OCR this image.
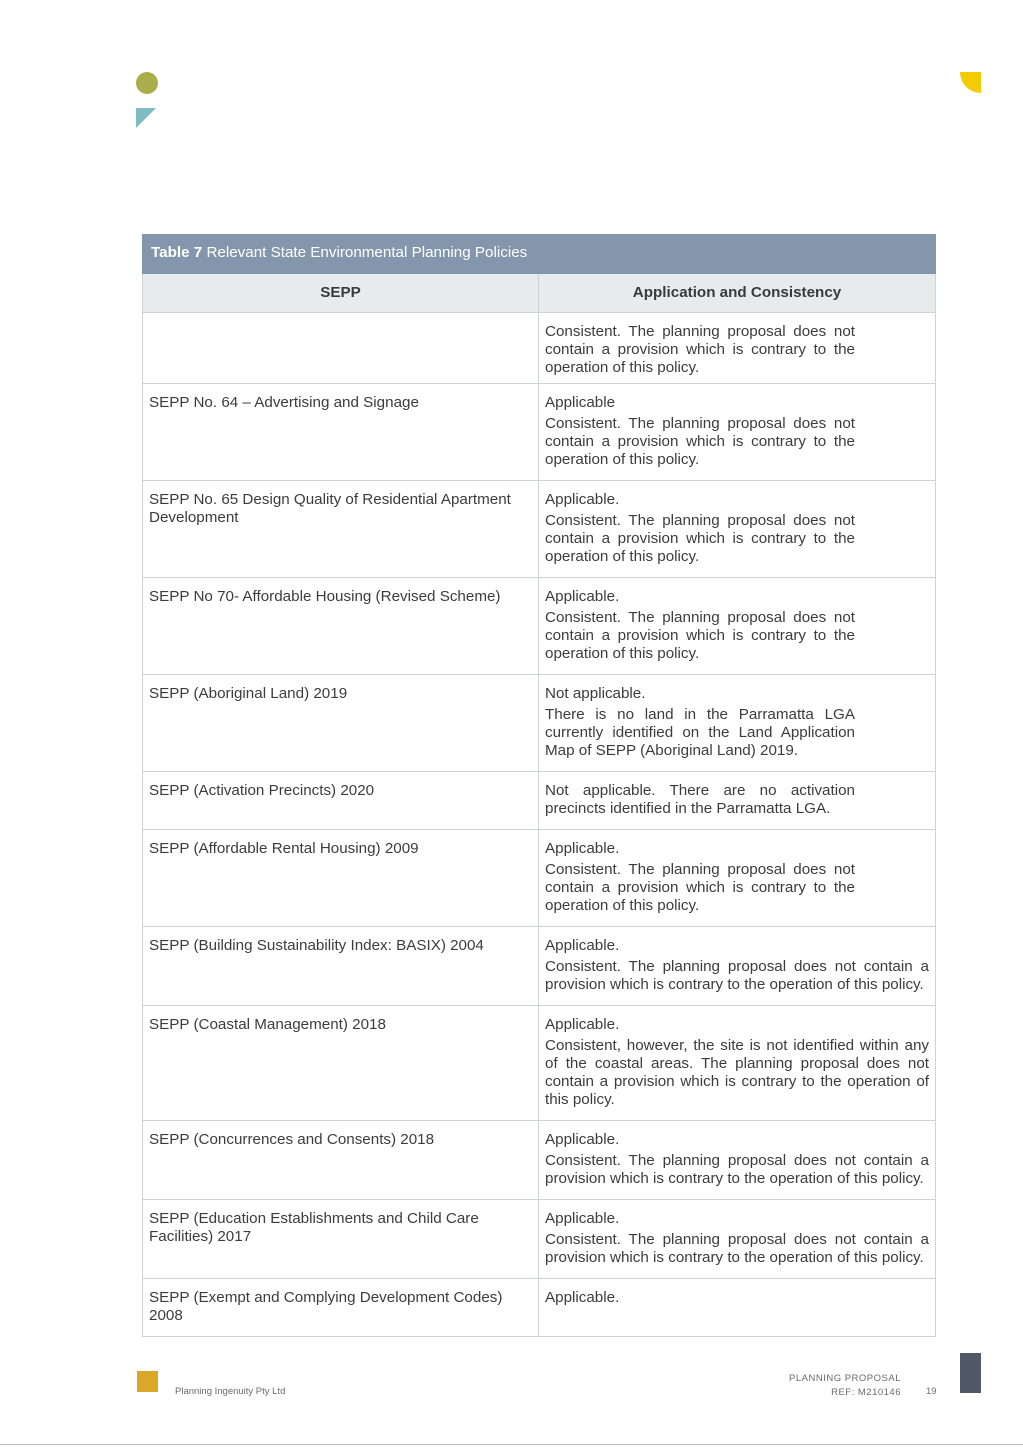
Table 7 Relevant State Environmental Planning Policies	
SEPP	Application and Consistency

	Consistent. The planning proposal does not contain a provision which is contrary to the operation of this policy.

SEPP No. 64 – Advertising and Signage	Applicable
Consistent. The planning proposal does not contain a provision which is contrary to the operation of this policy.

SEPP No. 65 Design Quality of Residential Apartment Development	Applicable.
Consistent. The planning proposal does not contain a provision which is contrary to the operation of this policy.

SEPP No 70- Affordable Housing (Revised Scheme)	Applicable.
Consistent. The planning proposal does not contain a provision which is contrary to the operation of this policy.

SEPP (Aboriginal Land) 2019	Not applicable.
There is no land in the Parramatta LGA currently identified on the Land Application Map of SEPP (Aboriginal Land) 2019.

SEPP (Activation Precincts) 2020	Not applicable. There are no activation precincts identified in the Parramatta LGA.

SEPP (Affordable Rental Housing) 2009	Applicable.
Consistent. The planning proposal does not contain a provision which is contrary to the operation of this policy.

SEPP (Building Sustainability Index: BASIX) 2004	Applicable.
Consistent. The planning proposal does not contain a provision which is contrary to the operation of this policy.

SEPP (Coastal Management) 2018	Applicable.
Consistent, however, the site is not identified within any of the coastal areas. The planning proposal does not contain a provision which is contrary to the operation of this policy.

SEPP (Concurrences and Consents) 2018	Applicable.
Consistent. The planning proposal does not contain a provision which is contrary to the operation of this policy.

SEPP (Education Establishments and Child Care Facilities) 2017	Applicable.
Consistent. The planning proposal does not contain a provision which is contrary to the operation of this policy.

SEPP (Exempt and Complying Development Codes) 2008	Applicable.
Planning Ingenuity Pty Ltd
PLANNING PROPOSAL
REF: M210146	19
